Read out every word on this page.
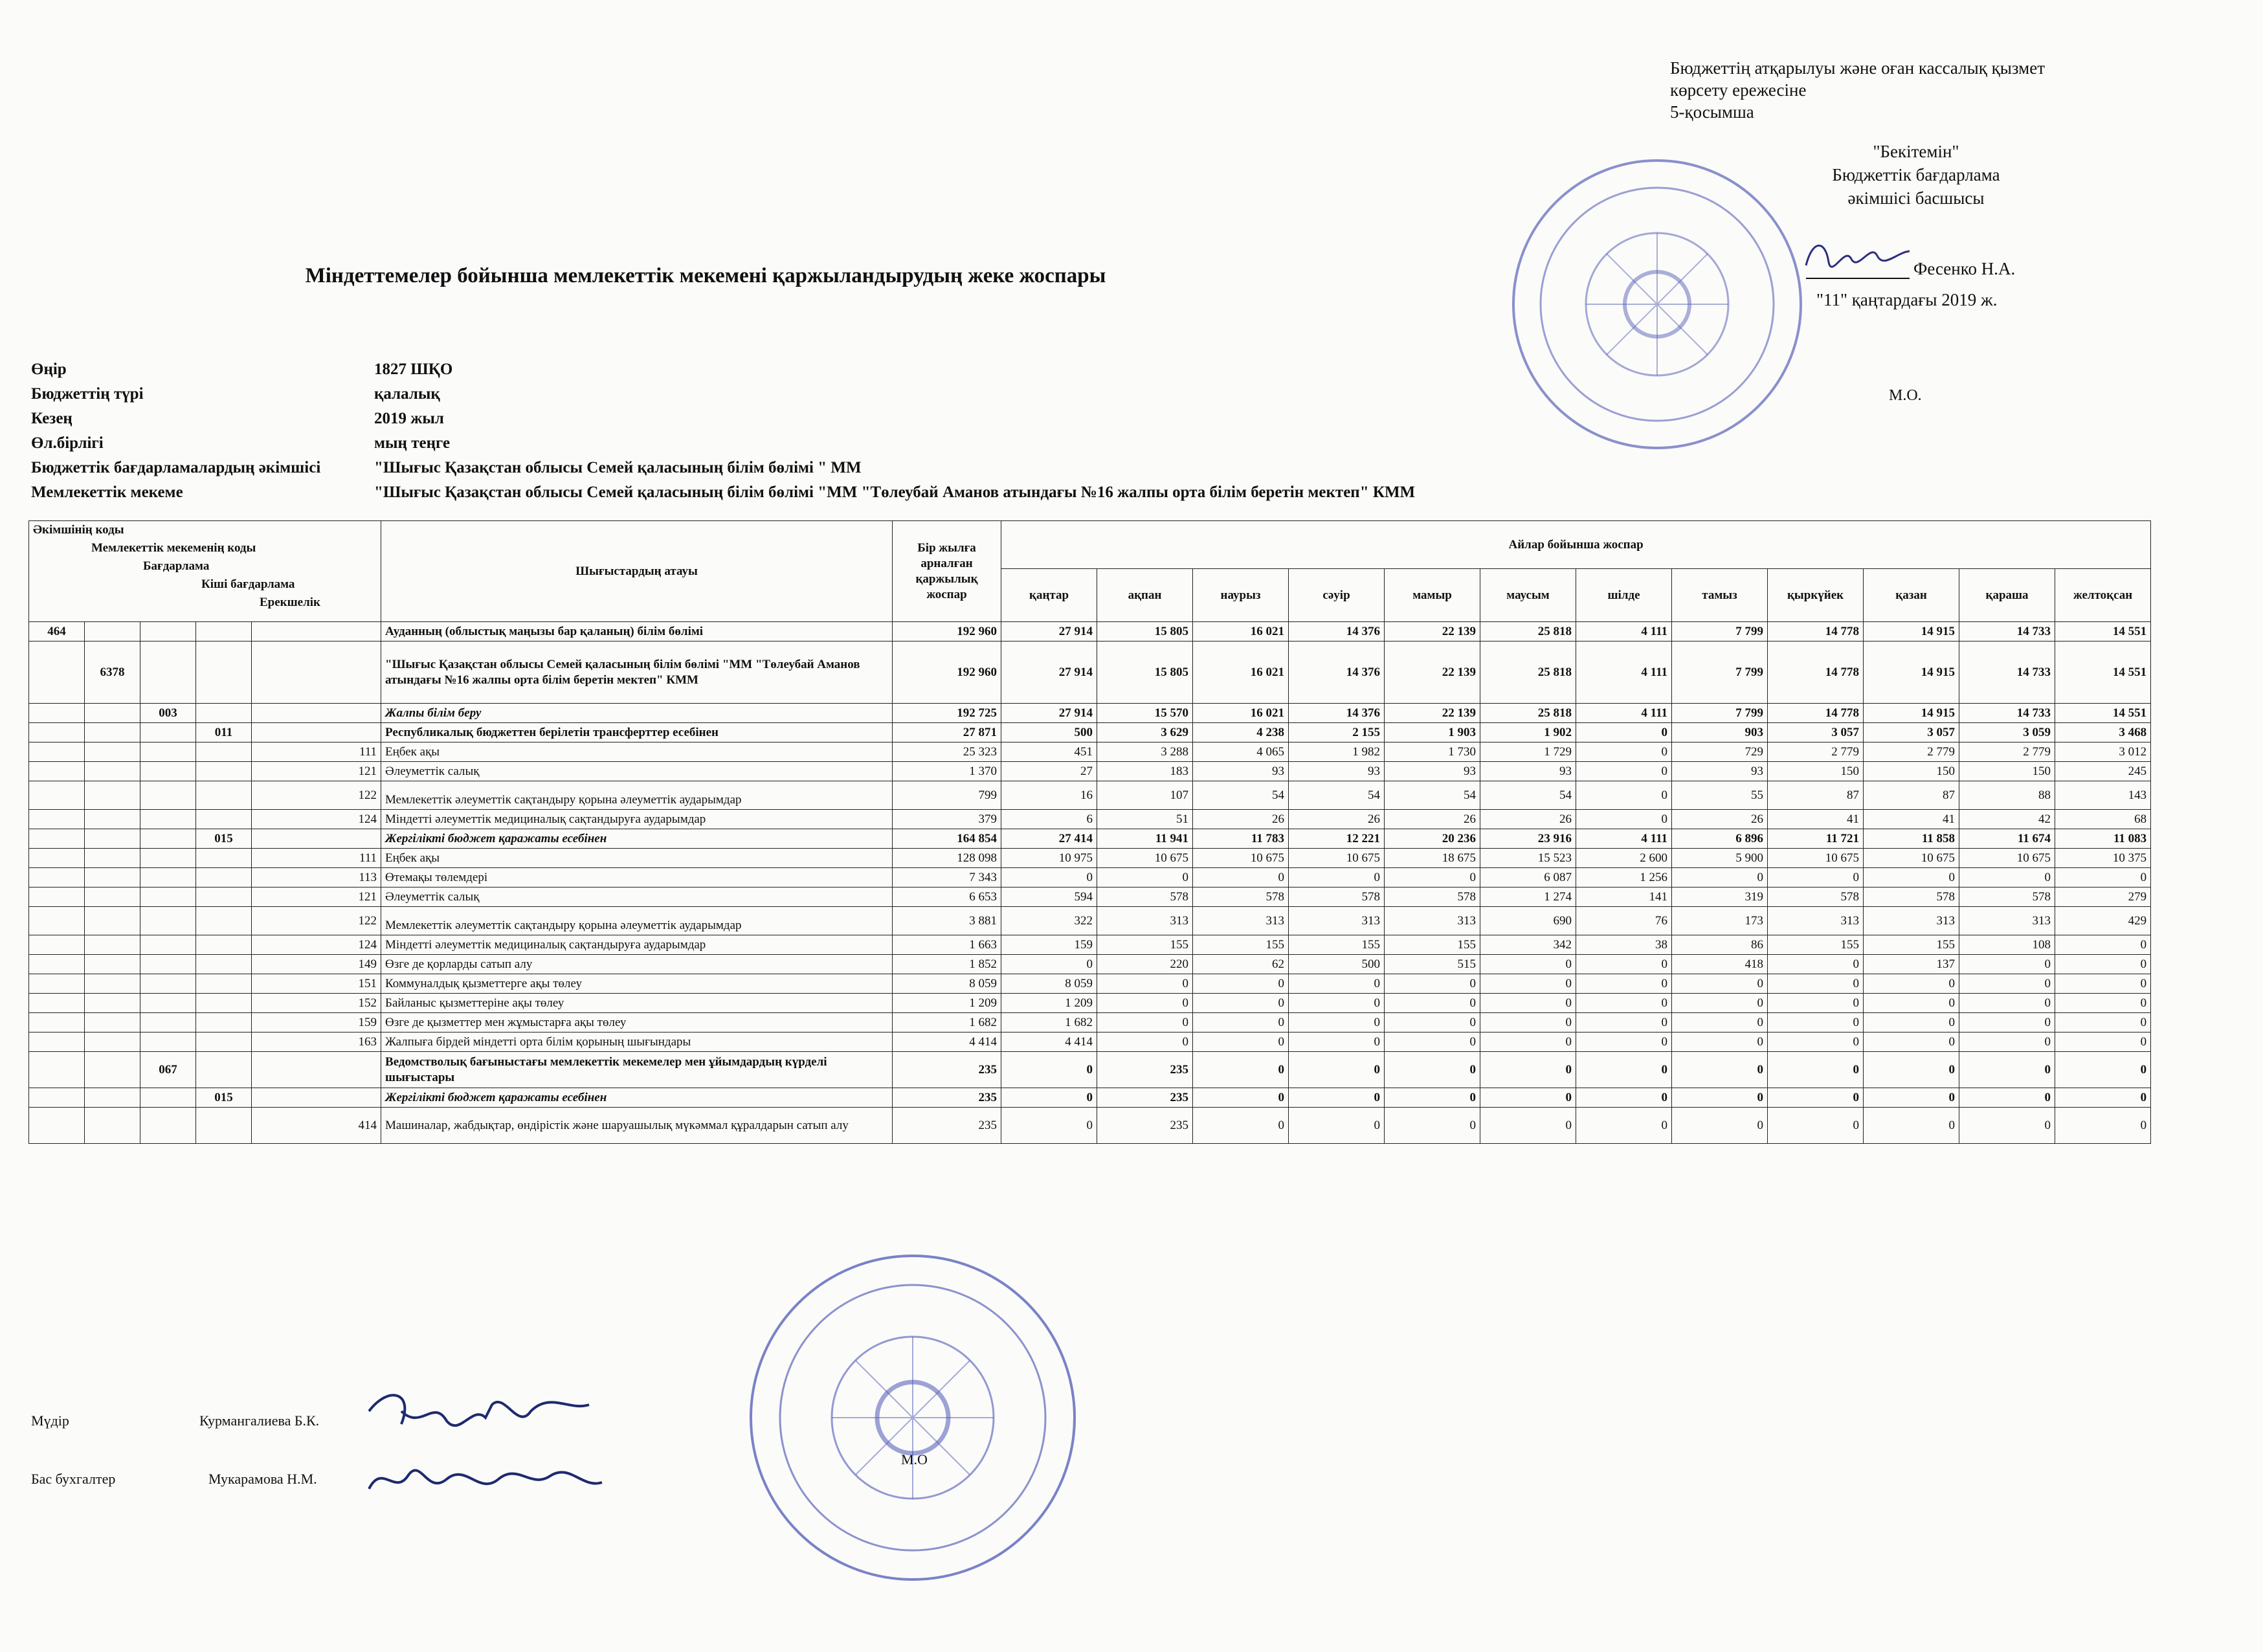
Бюджеттің атқарылуы және оған кассалық қызмет
көрсету ережесіне
5-қосымша
"Бекітемін"
Бюджеттік бағдарлама
әкімшісі басшысы
Фесенко Н.А.
"11" қаңтардағы 2019 ж.
М.О.
Міндеттемелер бойынша мемлекеттік мекемені қаржыландырудың жеке жоспары
Өңір	1827 ШҚО
Бюджеттің түрі	қалалық
Кезең	2019 жыл
Өл.бірлігі	мың теңге
Бюджеттік бағдарламалардың әкімшісі	"Шығыс Қазақстан облысы Семей қаласының білім бөлімі " ММ
Мемлекеттік мекеме	"Шығыс Қазақстан облысы Семей қаласының білім бөлімі "ММ "Төлеубай Аманов атындағы №16 жалпы орта білім беретін мектеп" КММ
Әкімшінің коды
Мемлекеттік мекеменің коды
Бағдарлама
Кіші бағдарлама
Ерекшелік					Шығыстардың атауы	Бір жылға арналған қаржылық жоспар	Айлар бойынша жоспар											
							қаңтар	ақпан	наурыз	сәуір	мамыр	маусым	шілде	тамыз	қыркүйек	қазан	қараша	желтоқсан
464					Ауданның (облыстық маңызы бар қаланың) білім бөлімі	192 960	27 914	15 805	16 021	14 376	22 139	25 818	4 111	7 799	14 778	14 915	14 733	14 551
	6378				"Шығыс Қазақстан облысы Семей қаласының білім бөлімі "ММ "Төлеубай Аманов атындағы №16 жалпы орта білім беретін мектеп" КММ	192 960	27 914	15 805	16 021	14 376	22 139	25 818	4 111	7 799	14 778	14 915	14 733	14 551
		003			Жалпы білім беру	192 725	27 914	15 570	16 021	14 376	22 139	25 818	4 111	7 799	14 778	14 915	14 733	14 551
			011		Республикалық бюджеттен берілетін трансферттер есебінен	27 871	500	3 629	4 238	2 155	1 903	1 902	0	903	3 057	3 057	3 059	3 468
				111	Еңбек ақы	25 323	451	3 288	4 065	1 982	1 730	1 729	0	729	2 779	2 779	2 779	3 012
				121	Әлеуметтік салық	1 370	27	183	93	93	93	93	0	93	150	150	150	245
				122	Мемлекеттік әлеуметтік сақтандыру қорына әлеуметтік аударымдар	799	16	107	54	54	54	54	0	55	87	87	88	143
				124	Міндетті әлеуметтік медициналық сақтандыруға аударымдар	379	6	51	26	26	26	26	0	26	41	41	42	68
			015		Жергілікті бюджет қаражаты есебінен	164 854	27 414	11 941	11 783	12 221	20 236	23 916	4 111	6 896	11 721	11 858	11 674	11 083
				111	Еңбек ақы	128 098	10 975	10 675	10 675	10 675	18 675	15 523	2 600	5 900	10 675	10 675	10 675	10 375
				113	Өтемақы төлемдері	7 343	0	0	0	0	0	6 087	1 256	0	0	0	0	0
				121	Әлеуметтік салық	6 653	594	578	578	578	578	1 274	141	319	578	578	578	279
				122	Мемлекеттік әлеуметтік сақтандыру қорына әлеуметтік аударымдар	3 881	322	313	313	313	313	690	76	173	313	313	313	429
				124	Міндетті әлеуметтік медициналық сақтандыруға аударымдар	1 663	159	155	155	155	155	342	38	86	155	155	108	0
				149	Өзге де қорларды сатып алу	1 852	0	220	62	500	515	0	0	418	0	137	0	0
				151	Коммуналдық қызметтерге ақы төлеу	8 059	8 059	0	0	0	0	0	0	0	0	0	0	0
				152	Байланыс қызметтеріне ақы төлеу	1 209	1 209	0	0	0	0	0	0	0	0	0	0	0
				159	Өзге де қызметтер мен жұмыстарға ақы төлеу	1 682	1 682	0	0	0	0	0	0	0	0	0	0	0
				163	Жалпыға бірдей міндетті орта білім қорының шығындары	4 414	4 414	0	0	0	0	0	0	0	0	0	0	0
		067			Ведомстволық бағыныстағы мемлекеттік мекемелер мен ұйымдардың күрделі шығыстары	235	0	235	0	0	0	0	0	0	0	0	0	0
			015		Жергілікті бюджет қаражаты есебінен	235	0	235	0	0	0	0	0	0	0	0	0	0
				414	Машиналар, жабдықтар, өндірістік және шаруашылық мүкәммал құралдарын сатып алу	235	0	235	0	0	0	0	0	0	0	0	0	0
Мүдір	Курмангалиева Б.К.
Бас бухгалтер	Мукарамова Н.М.
М.О
